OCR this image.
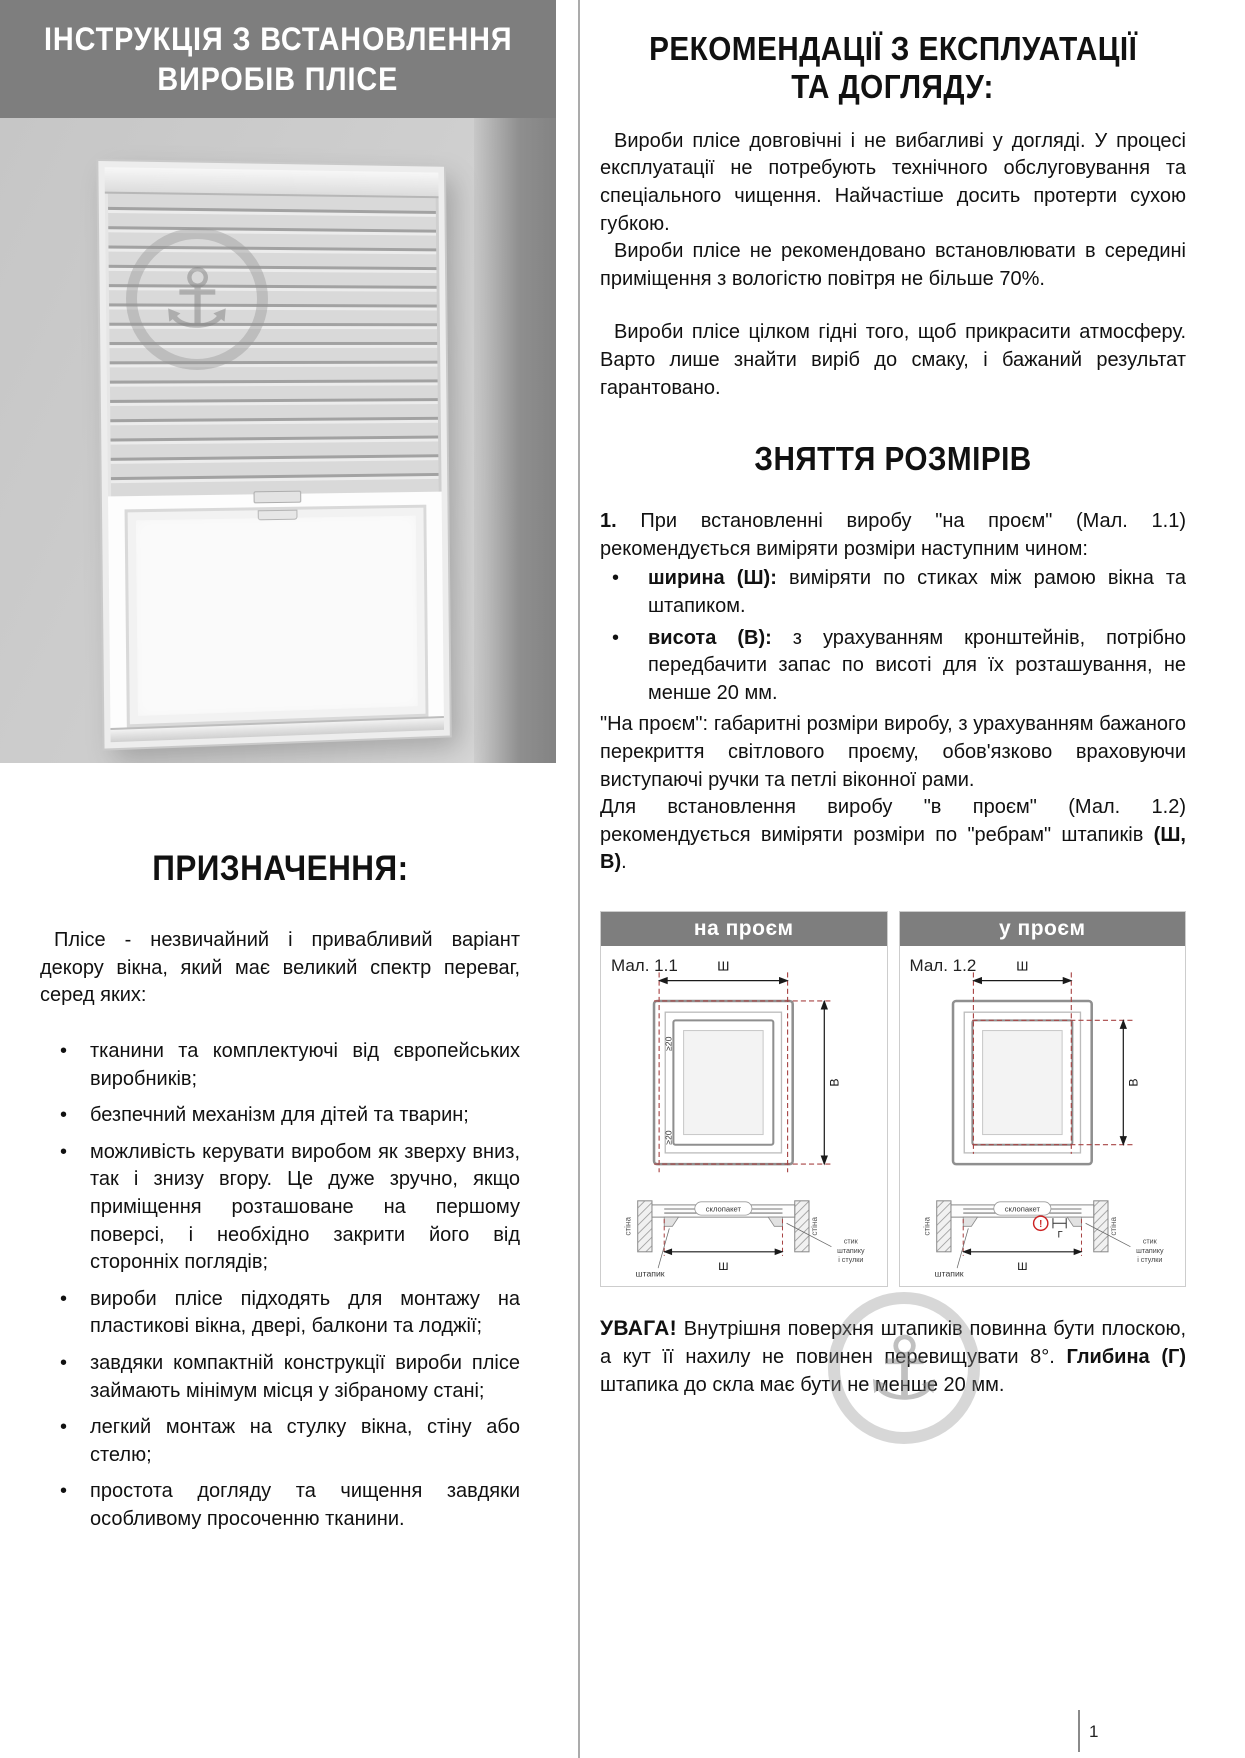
ІНСТРУКЦІЯ З ВСТАНОВЛЕННЯ
ВИРОБІВ ПЛІСЕ
⚓
ПРИЗНАЧЕННЯ:

Плісе - незвичайний і привабливий варіант декору вікна, який має великий спектр переваг, серед яких:

• тканини та комплектуючі від європейських виробників;
• безпечний механізм для дітей та тварин;
• можливість керувати виробом як зверху вниз, так і знизу вгору. Це дуже зручно, якщо приміщення розташоване на першому поверсі, і необхідно закрити його від сторонніх поглядів;
• вироби плісе підходять для монтажу на пластикові вікна, двері, балкони та лоджії;
• завдяки компактній конструкції вироби плісе займають мінімум місця у зібраному стані;
• легкий монтаж на стулку вікна, стіну або стелю;
• простота догляду та чищення завдяки особливому просоченню тканини.
РЕКОМЕНДАЦІЇ З ЕКСПЛУАТАЦІЇ
ТА ДОГЛЯДУ:

Вироби плісе довговічні і не вибагливі у догляді. У процесі експлуатації не потребують технічного обслуговування та спеціального чищення. Найчастіше досить протерти сухою губкою.

Вироби плісе не рекомендовано встановлювати в середині приміщення з вологістю повітря не більше 70%.

Вироби плісе цілком гідні того, щоб прикрасити атмосферу. Варто лише знайти виріб до смаку, і бажаний результат гарантовано.

ЗНЯТТЯ РОЗМІРІВ

1. При встановленні виробу "на проєм" (Мал. 1.1) рекомендується виміряти розміри наступним чином:

• ширина (Ш): виміряти по стиках між рамою вікна та штапиком.
• висота (В): з урахуванням кронштейнів, потрібно передбачити запас по висоті для їх розташування, не менше 20 мм.

"На проєм": габаритні розміри виробу, з урахуванням бажаного перекриття світлового проєму, обов'язково враховуючи виступаючі ручки та петлі віконної рами.

Для встановлення виробу "в проєм" (Мал. 1.2) рекомендується виміряти розміри по "ребрам" штапиків (Ш, В).

на проєм
Мал. 1.1	Ш
В
≥20
≥20
склопакет
стіна	стіна
штапик
Ш
стик
штапику
і стулки
у проєм
Мал. 1.2	Ш
В
склопакет
стіна	стіна
штапик
!
Г
Ш
стик
штапику
і стулки

УВАГА! Внутрішня поверхня штапиків повинна бути плоскою, а кут її нахилу не повинен перевищувати 8°. Глибина (Г) штапика до скла має бути не менше 20 мм.

⚓
1
